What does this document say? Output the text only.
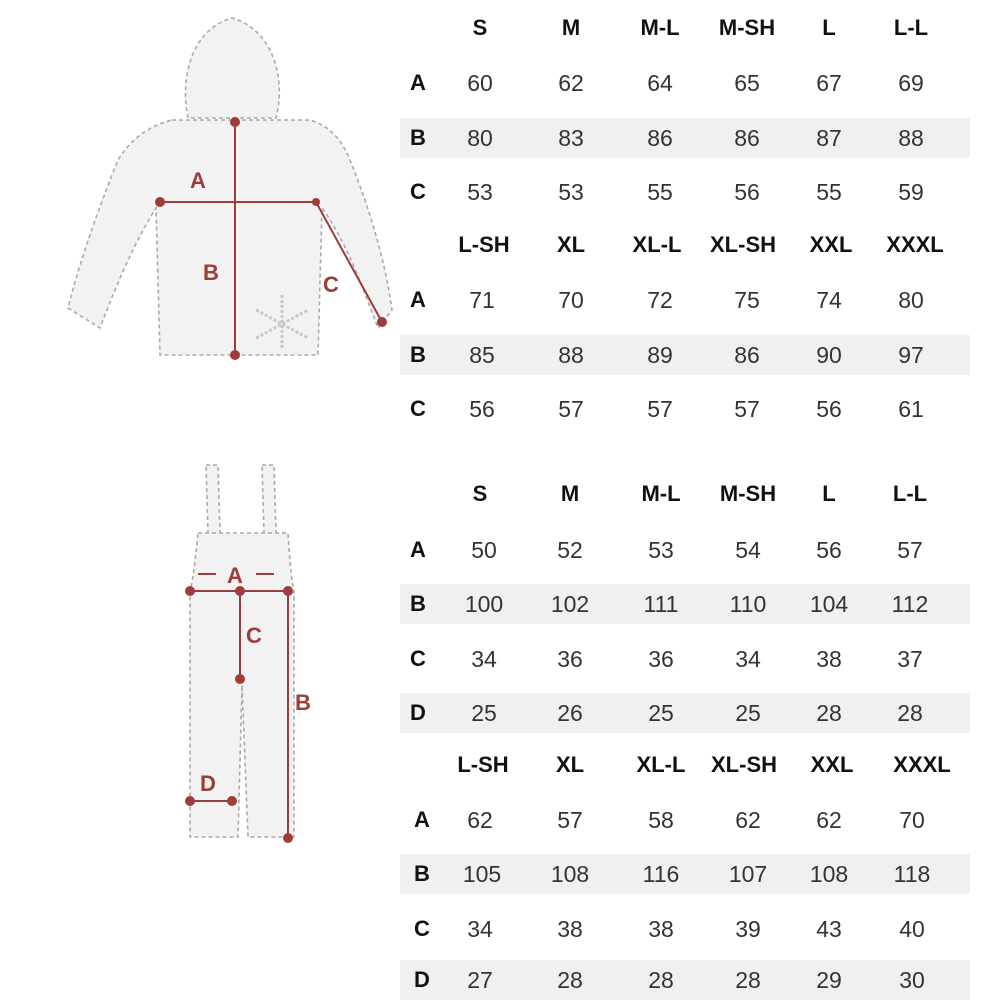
A
B	C
A
C
B
D
S	M	M-L M-SH L	L-L
A 60	62	64	65 67 69
B 80	83	86	86 87 88
C 53	53	55	56 55 59
L-SH XL XL-L XL-SH XXL XXXL
A 71	70	72	75 74 80
B 85	88	89	86 90 97
C 56	57	57	57 56 61
S	M	M-L M-SH L	L-L
A 50	52	53	54 56 57
B 100 102 111 110 104 112
C 34	36	36	34 38 37
D 25	26	25	25 28 28
L-SH XL XL-L XL-SH XXL XXXL
A 62	57	58	62 62 70
B 105 108 116 107 108 118
C 34	38	38	39 43 40
D 27	28	28	28 29 30
